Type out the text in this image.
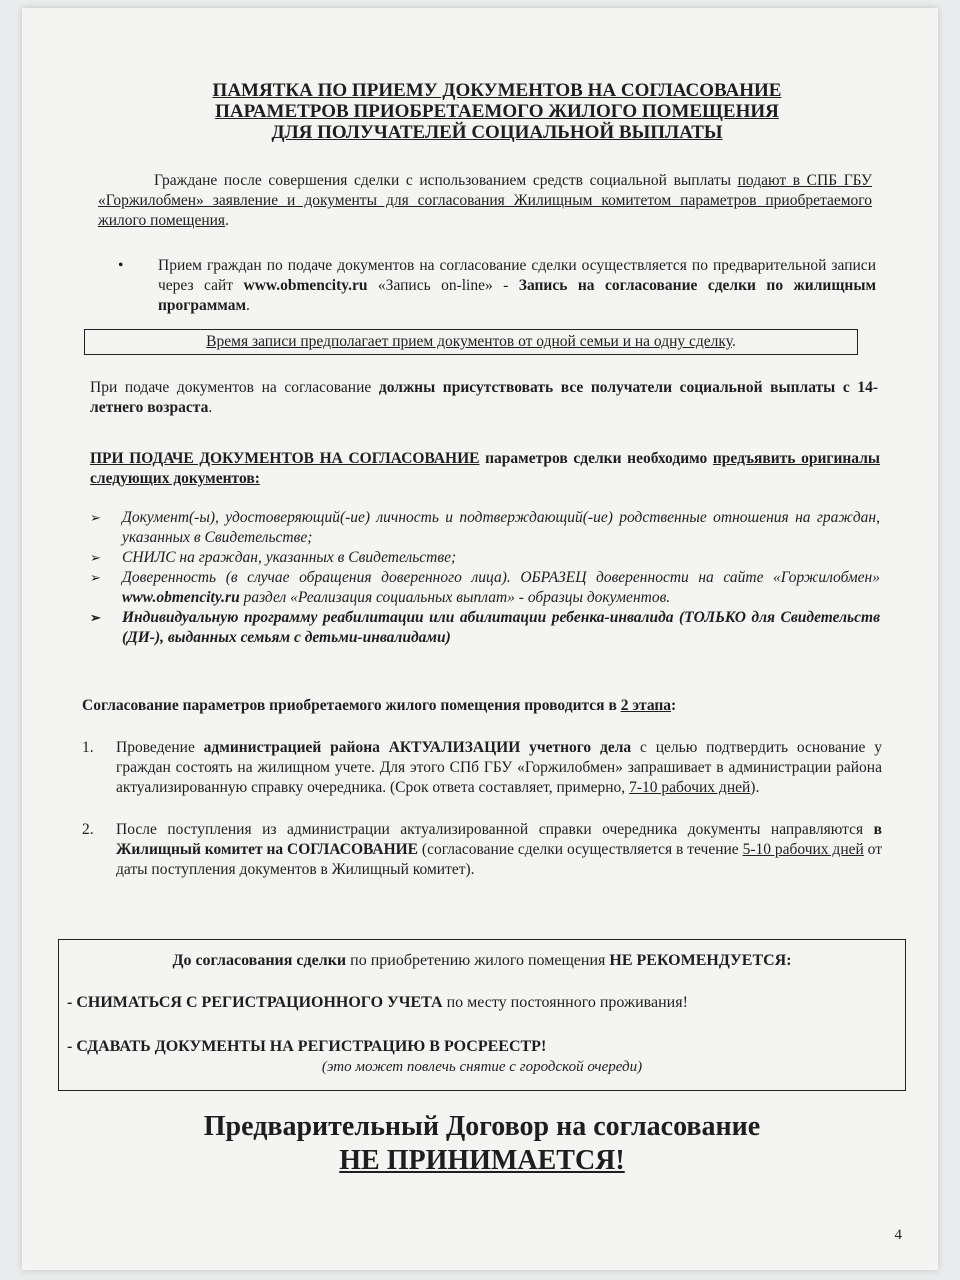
ПАМЯТКА ПО ПРИЕМУ ДОКУМЕНТОВ НА СОГЛАСОВАНИЕ
ПАРАМЕТРОВ ПРИОБРЕТАЕМОГО ЖИЛОГО ПОМЕЩЕНИЯ
ДЛЯ ПОЛУЧАТЕЛЕЙ СОЦИАЛЬНОЙ ВЫПЛАТЫ
Граждане после совершения сделки с использованием средств социальной выплаты подают в СПБ ГБУ «Горжилобмен» заявление и документы для согласования Жилищным комитетом параметров приобретаемого жилого помещения.
• Прием граждан по подаче документов на согласование сделки осуществляется по предварительной записи через сайт www.obmencity.ru «Запись on-line» - Запись на согласование сделки по жилищным программам.
Время записи предполагает прием документов от одной семьи и на одну сделку.
При подаче документов на согласование должны присутствовать все получатели социальной выплаты с 14-летнего возраста.
ПРИ ПОДАЧЕ ДОКУМЕНТОВ НА СОГЛАСОВАНИЕ параметров сделки необходимо предъявить оригиналы следующих документов:
➢ Документ(-ы), удостоверяющий(-ие) личность и подтверждающий(-ие) родственные отношения на граждан, указанных в Свидетельстве;
➢ СНИЛС на граждан, указанных в Свидетельстве;
➢ Доверенность (в случае обращения доверенного лица). ОБРАЗЕЦ доверенности на сайте «Горжилобмен» www.obmencity.ru раздел «Реализация социальных выплат» - образцы документов.
➢ Индивидуальную программу реабилитации или абилитации ребенка-инвалида (ТОЛЬКО для Свидетельств (ДИ-), выданных семьям с детьми-инвалидами)
Согласование параметров приобретаемого жилого помещения проводится в 2 этапа:
1. Проведение администрацией района АКТУАЛИЗАЦИИ учетного дела с целью подтвердить основание у граждан состоять на жилищном учете. Для этого СПб ГБУ «Горжилобмен» запрашивает в администрации района актуализированную справку очередника. (Срок ответа составляет, примерно, 7-10 рабочих дней).
2. После поступления из администрации актуализированной справки очередника документы направляются в Жилищный комитет на СОГЛАСОВАНИЕ (согласование сделки осуществляется в течение 5-10 рабочих дней от даты поступления документов в Жилищный комитет).
До согласования сделки по приобретению жилого помещения НЕ РЕКОМЕНДУЕТСЯ:
- СНИМАТЬСЯ С РЕГИСТРАЦИОННОГО УЧЕТА по месту постоянного проживания!
- СДАВАТЬ ДОКУМЕНТЫ НА РЕГИСТРАЦИЮ В РОСРЕЕСТР!
(это может повлечь снятие с городской очереди)
Предварительный Договор на согласование
НЕ ПРИНИМАЕТСЯ!
4
